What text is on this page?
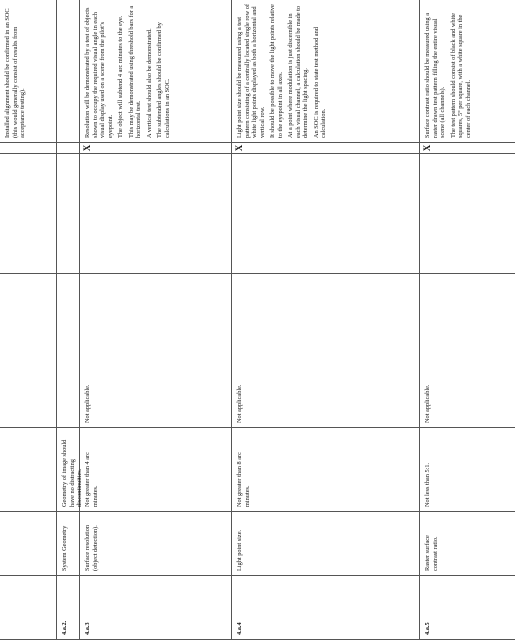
Installed alignment should be confirmed in an SOC (this would generally consist of results from acceptance testing).

4.a.2.
System Geometry
Geometry of image should have no distracting discontinuities.
4.a.3
Surface resolution (object detection).
Not greater than 4 arc minutes.
Not applicable.
X

Resolution will be demonstrated by a test of objects shown to occupy the required visual angle in each visual display used on a scene from the pilot’s eyepoint. The object will subtend 4 arc minutes to the eye. This may be demonstrated using threshold bars for a horizontal test. A vertical test should also be demonstrated. The subtended angles should be confirmed by calculations in an SOC.

4.a.4
Light point size.
Not greater than 8 arc minutes.
Not applicable.
X

Light point size should be measured using a test pattern consisting of a centrally located single row of white light points displayed as both a horizontal and vertical row. It should be possible to move the light points relative to the eyepoint in all axes. At a point where modulation is just discernible in each visual channel, a calculation should be made to determine the light spacing. An SOC is required to state test method and calculation.

4.a.5
Raster surface contrast ratio.
Not less than 5:1.
Not applicable.
X

Surface contrast ratio should be measured using a raster drawn test pattern filling the entire visual scene (all channels). The test pattern should consist of black and white squares, 5° per square, with a white square in the center of each channel.
